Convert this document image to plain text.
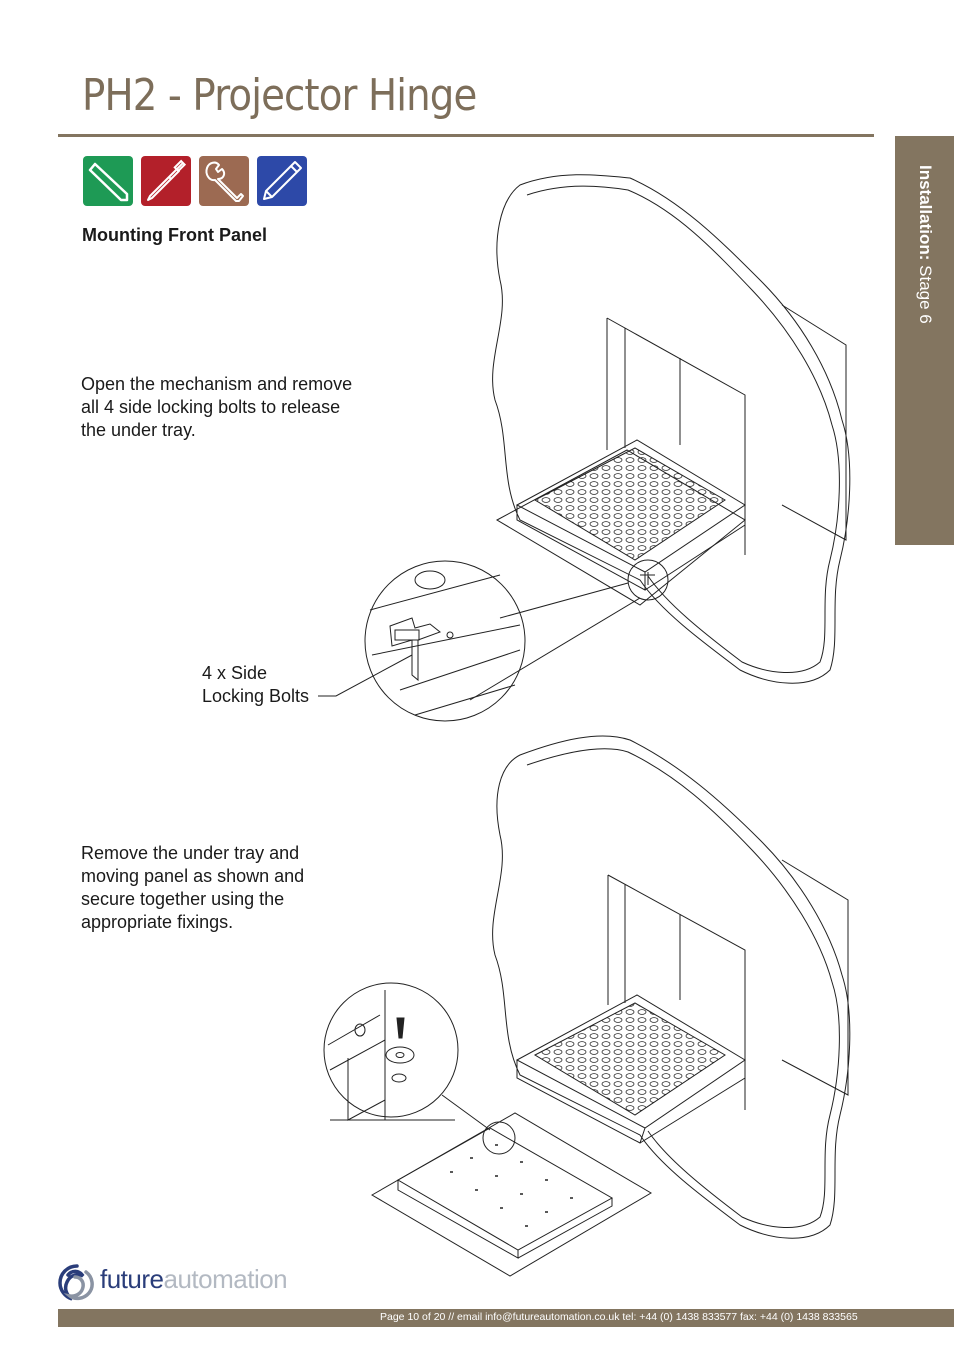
PH2 - Projector Hinge
Installation: Stage 6
Mounting Front Panel
Open the mechanism and remove
all 4 side locking bolts to release
the under tray.
4 x Side
Locking Bolts
Remove the under tray and
moving panel as shown and
secure together using the
appropriate fixings.
futureautomation
Page 10 of 20 // email info@futureautomation.co.uk tel: +44 (0) 1438 833577 fax: +44 (0) 1438 833565
